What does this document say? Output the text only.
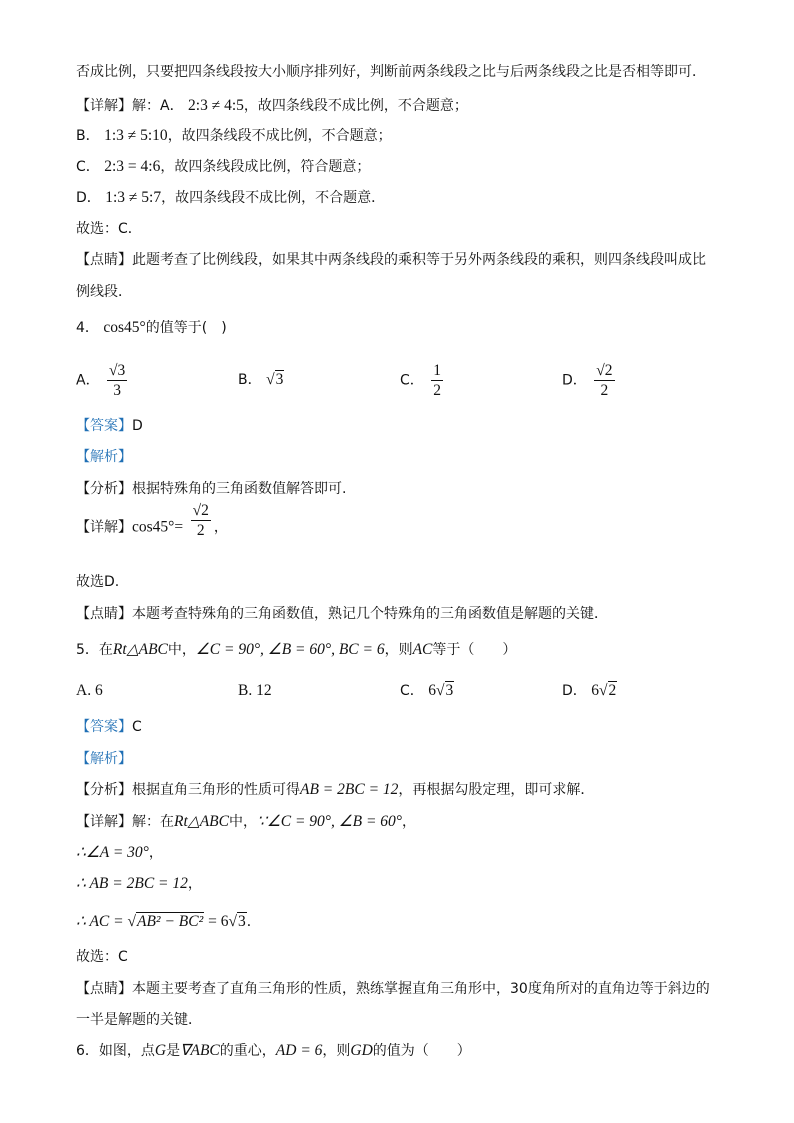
否成比例，只要把四条线段按大小顺序排列好，判断前两条线段之比与后两条线段之比是否相等即可．
【详解】解：A． 2:3 ≠ 4:5，故四条线段不成比例，不合题意；
B． 1:3 ≠ 5:10，故四条线段不成比例，不合题意；
C． 2:3 = 4:6，故四条线段成比例，符合题意；
D． 1:3 ≠ 5:7，故四条线段不成比例，不合题意．
故选：C．
【点睛】此题考查了比例线段，如果其中两条线段的乘积等于另外两条线段的乘积，则四条线段叫成比
例线段．
4． cos45°的值等于(　)
A． $\frac{√3}{3}$	B． √3	C． $\frac{1}{2}$	D． $\frac{√2}{2}$
【答案】D
【解析】
【分析】根据特殊角的三角函数值解答即可.
【详解】$\cos 45^\circ= \frac{√2}{2}$ ，
故选D.
【点睛】本题考查特殊角的三角函数值，熟记几个特殊角的三角函数值是解题的关键．
5．在Rt△ABC中，∠C = 90°, ∠B = 60°, BC = 6，则AC等于（　　）
A. 6	B. 12	C． 6√3	D． 6√2
【答案】C
【解析】
【分析】根据直角三角形的性质可得AB = 2BC = 12，再根据勾股定理，即可求解．
【详解】解：在Rt△ABC中，∵∠C = 90°, ∠B = 60°，
∴∠A = 30°，
∴ AB = 2BC = 12，
∴ AC = √AB² − BC² = 6√3．
故选：C
【点睛】本题主要考查了直角三角形的性质，熟练掌握直角三角形中，30度角所对的直角边等于斜边的
一半是解题的关键．
6．如图，点G是∇ABC的重心，AD = 6，则GD的值为（　　）
